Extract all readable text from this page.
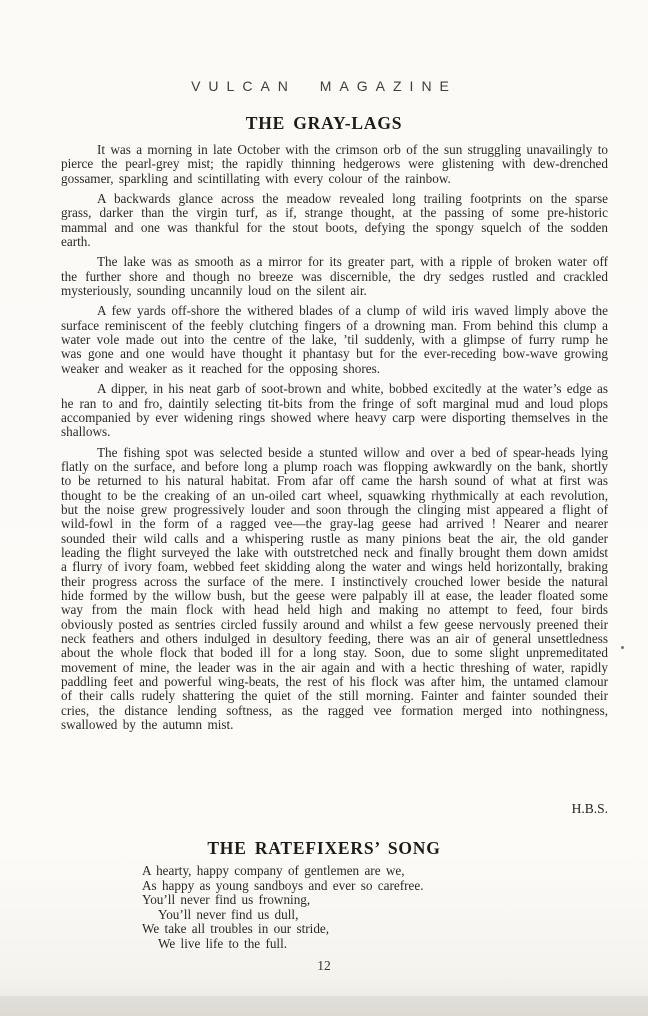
VULCAN MAGAZINE
THE GRAY-LAGS

It was a morning in late October with the crimson orb of the sun struggling unavailingly to pierce the pearl-grey mist; the rapidly thinning hedgerows were glistening with dew-drenched gossamer, sparkling and scintillating with every colour of the rainbow.

A backwards glance across the meadow revealed long trailing footprints on the sparse grass, darker than the virgin turf, as if, strange thought, at the passing of some pre-historic mammal and one was thankful for the stout boots, defying the spongy squelch of the sodden earth.

The lake was as smooth as a mirror for its greater part, with a ripple of broken water off the further shore and though no breeze was discernible, the dry sedges rustled and crackled mysteriously, sounding uncannily loud on the silent air.

A few yards off-shore the withered blades of a clump of wild iris waved limply above the surface reminiscent of the feebly clutching fingers of a drowning man. From behind this clump a water vole made out into the centre of the lake, ’til suddenly, with a glimpse of furry rump he was gone and one would have thought it phantasy but for the ever-receding bow-wave growing weaker and weaker as it reached for the opposing shores.

A dipper, in his neat garb of soot-brown and white, bobbed excitedly at the water’s edge as he ran to and fro, daintily selecting tit-bits from the fringe of soft marginal mud and loud plops accompanied by ever widening rings showed where heavy carp were disporting themselves in the shallows.

The fishing spot was selected beside a stunted willow and over a bed of spear-heads lying flatly on the surface, and before long a plump roach was flopping awkwardly on the bank, shortly to be returned to his natural habitat. From afar off came the harsh sound of what at first was thought to be the creaking of an un-oiled cart wheel, squawking rhythmically at each revolution, but the noise grew progressively louder and soon through the clinging mist appeared a flight of wild-fowl in the form of a ragged vee—the gray-lag geese had arrived ! Nearer and nearer sounded their wild calls and a whispering rustle as many pinions beat the air, the old gander leading the flight surveyed the lake with outstretched neck and finally brought them down amidst a flurry of ivory foam, webbed feet skidding along the water and wings held horizontally, braking their progress across the surface of the mere. I instinctively crouched lower beside the natural hide formed by the willow bush, but the geese were palpably ill at ease, the leader floated some way from the main flock with head held high and making no attempt to feed, four birds obviously posted as sentries circled fussily around and whilst a few geese nervously preened their neck feathers and others indulged in desultory feeding, there was an air of general unsettledness about the whole flock that boded ill for a long stay. Soon, due to some slight unpremeditated movement of mine, the leader was in the air again and with a hectic threshing of water, rapidly paddling feet and powerful wing-beats, the rest of his flock was after him, the untamed clamour of their calls rudely shattering the quiet of the still morning. Fainter and fainter sounded their cries, the distance lending softness, as the ragged vee formation merged into nothingness, swallowed by the autumn mist.

H.B.S.
THE RATEFIXERS’ SONG
A hearty, happy company of gentlemen are we,
As happy as young sandboys and ever so carefree.
You’ll never find us frowning,
You’ll never find us dull,
We take all troubles in our stride,
We live life to the full.
12
